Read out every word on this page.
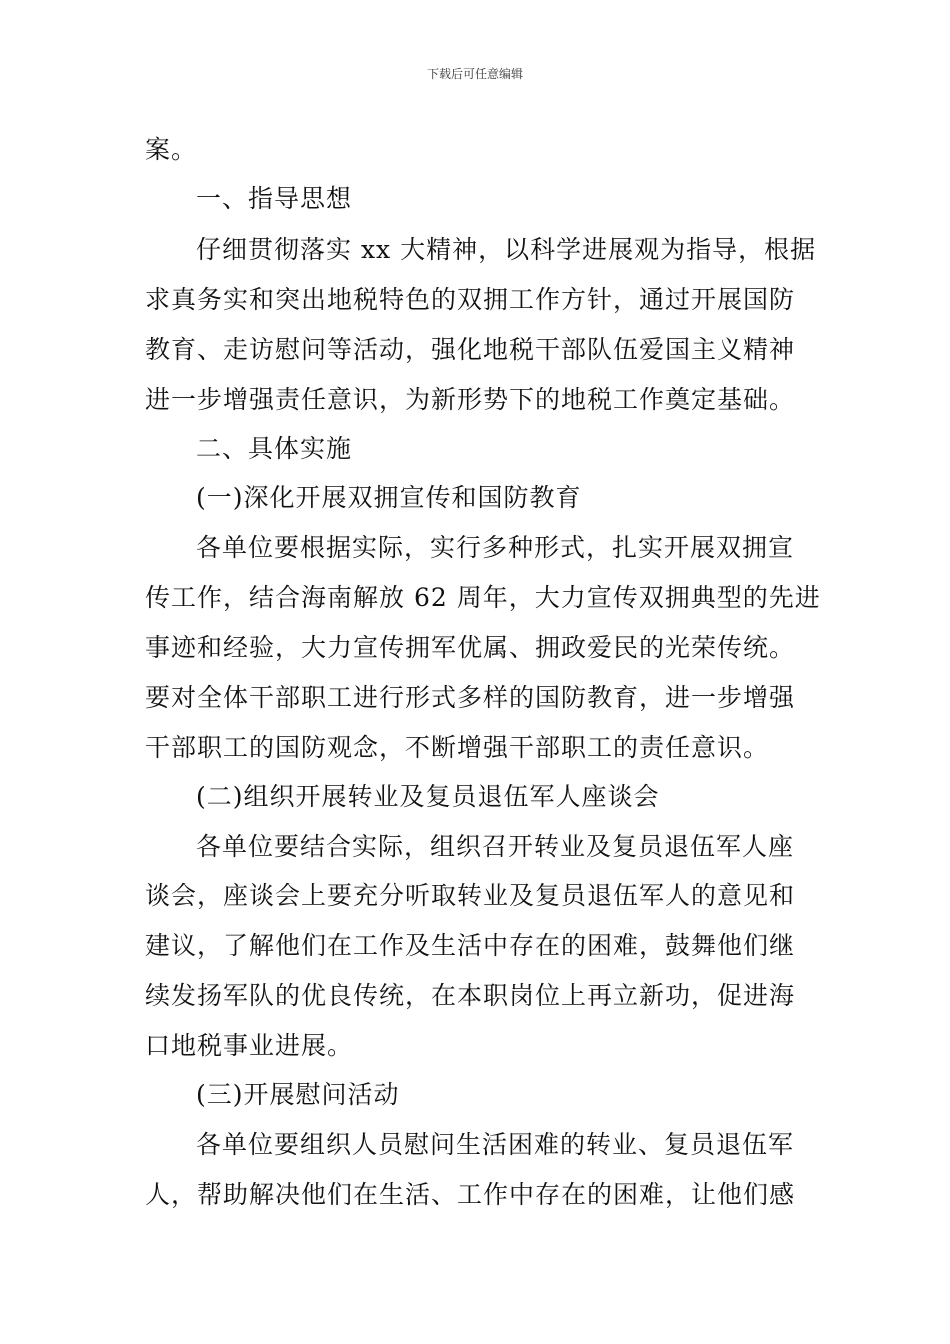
下载后可任意编辑
案。
一、指导思想
仔细贯彻落实 xx 大精神，以科学进展观为指导，根据
求真务实和突出地税特色的双拥工作方针，通过开展国防
教育、走访慰问等活动，强化地税干部队伍爱国主义精神
进一步增强责任意识，为新形势下的地税工作奠定基础。
二、具体实施
(一)深化开展双拥宣传和国防教育
各单位要根据实际，实行多种形式，扎实开展双拥宣
传工作，结合海南解放 62 周年，大力宣传双拥典型的先进
事迹和经验，大力宣传拥军优属、拥政爱民的光荣传统。
要对全体干部职工进行形式多样的国防教育，进一步增强
干部职工的国防观念，不断增强干部职工的责任意识。
(二)组织开展转业及复员退伍军人座谈会
各单位要结合实际，组织召开转业及复员退伍军人座
谈会，座谈会上要充分听取转业及复员退伍军人的意见和
建议，了解他们在工作及生活中存在的困难，鼓舞他们继
续发扬军队的优良传统，在本职岗位上再立新功，促进海
口地税事业进展。
(三)开展慰问活动
各单位要组织人员慰问生活困难的转业、复员退伍军
人，帮助解决他们在生活、工作中存在的困难，让他们感
